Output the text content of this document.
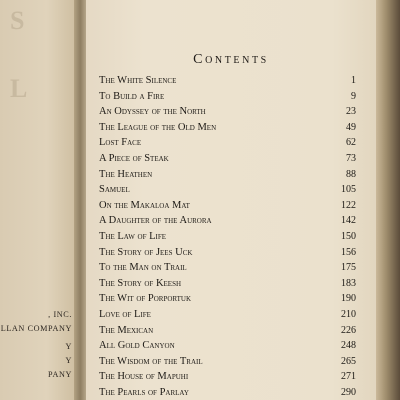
S
L
, INC.
LLAN COMPANY
Y
Y
PANY
Contents
The White Silence	1
To Build a Fire	9
An Odyssey of the North	23
The League of the Old Men	49
Lost Face	62
A Piece of Steak	73
The Heathen	88
Samuel	105
On the Makaloa Mat	122
A Daughter of the Aurora	142
The Law of Life	150
The Story of Jees Uck	156
To the Man on Trail	175
The Story of Keesh	183
The Wit of Porportuk	190
Love of Life	210
The Mexican	226
All Gold Canyon	248
The Wisdom of the Trail	265
The House of Mapuhi	271
The Pearls of Parlay	290
